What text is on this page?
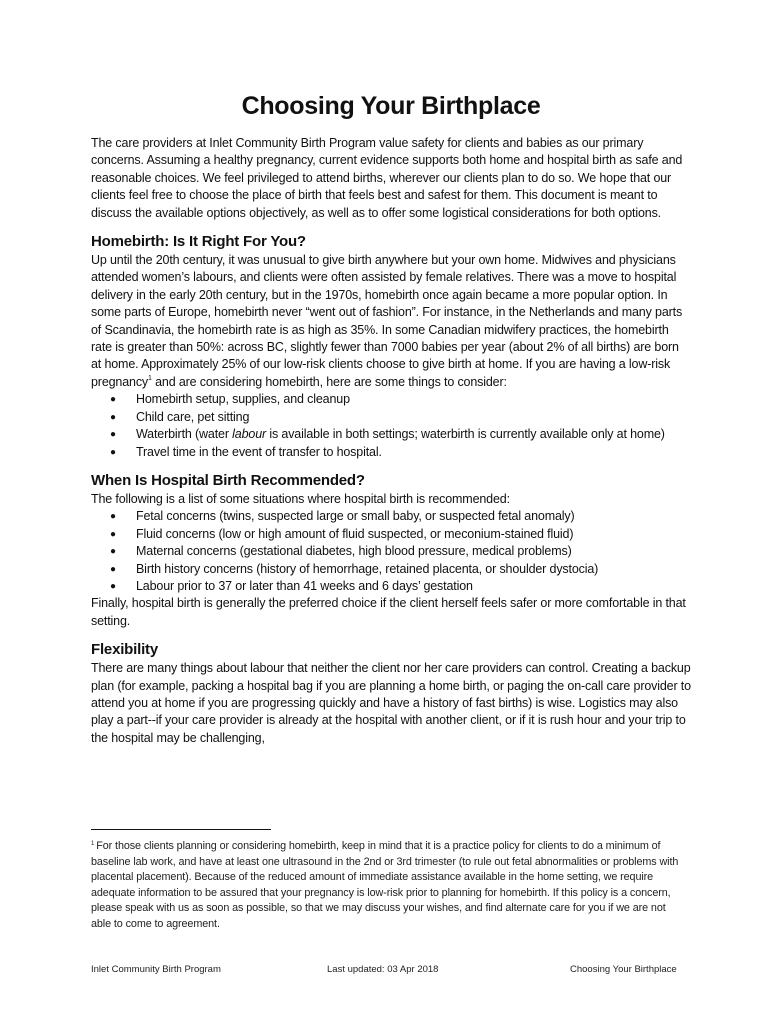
Choosing Your Birthplace

The care providers at Inlet Community Birth Program value safety for clients and babies as our primary concerns. Assuming a healthy pregnancy, current evidence supports both home and hospital birth as safe and reasonable choices. We feel privileged to attend births, wherever our clients plan to do so. We hope that our clients feel free to choose the place of birth that feels best and safest for them. This document is meant to discuss the available options objectively, as well as to offer some logistical considerations for both options.

Homebirth: Is It Right For You?

Up until the 20th century, it was unusual to give birth anywhere but your own home. Midwives and physicians attended women’s labours, and clients were often assisted by female relatives. There was a move to hospital delivery in the early 20th century, but in the 1970s, homebirth once again became a more popular option. In some parts of Europe, homebirth never “went out of fashion”. For instance, in the Netherlands and many parts of Scandinavia, the homebirth rate is as high as 35%. In some Canadian midwifery practices, the homebirth rate is greater than 50%: across BC, slightly fewer than 7000 babies per year (about 2% of all births) are born at home. Approximately 25% of our low-risk clients choose to give birth at home. If you are having a low-risk pregnancy$^1$ and are considering homebirth, here are some things to consider:

● Homebirth setup, supplies, and cleanup
● Child care, pet sitting
● Waterbirth (water labour is available in both settings; waterbirth is currently available only at home)
● Travel time in the event of transfer to hospital.
When Is Hospital Birth Recommended?

The following is a list of some situations where hospital birth is recommended:

● Fetal concerns (twins, suspected large or small baby, or suspected fetal anomaly)
● Fluid concerns (low or high amount of fluid suspected, or meconium-stained fluid)
● Maternal concerns (gestational diabetes, high blood pressure, medical problems)
● Birth history concerns (history of hemorrhage, retained placenta, or shoulder dystocia)
● Labour prior to 37 or later than 41 weeks and 6 days’ gestation

Finally, hospital birth is generally the preferred choice if the client herself feels safer or more comfortable in that setting.

Flexibility

There are many things about labour that neither the client nor her care providers can control. Creating a backup plan (for example, packing a hospital bag if you are planning a home birth, or paging the on-call care provider to attend you at home if you are progressing quickly and have a history of fast births) is wise. Logistics may also play a part--if your care provider is already at the hospital with another client, or if it is rush hour and your trip to the hospital may be challenging,

$^1$ For those clients planning or considering homebirth, keep in mind that it is a practice policy for clients to do a minimum of baseline lab work, and have at least one ultrasound in the 2nd or 3rd trimester (to rule out fetal abnormalities or problems with placental placement). Because of the reduced amount of immediate assistance available in the home setting, we require adequate information to be assured that your pregnancy is low-risk prior to planning for homebirth. If this policy is a concern, please speak with us as soon as possible, so that we may discuss your wishes, and find alternate care for you if we are not able to come to agreement.
Inlet Community Birth Program	Last updated: 03 Apr 2018	Choosing Your Birthplace
